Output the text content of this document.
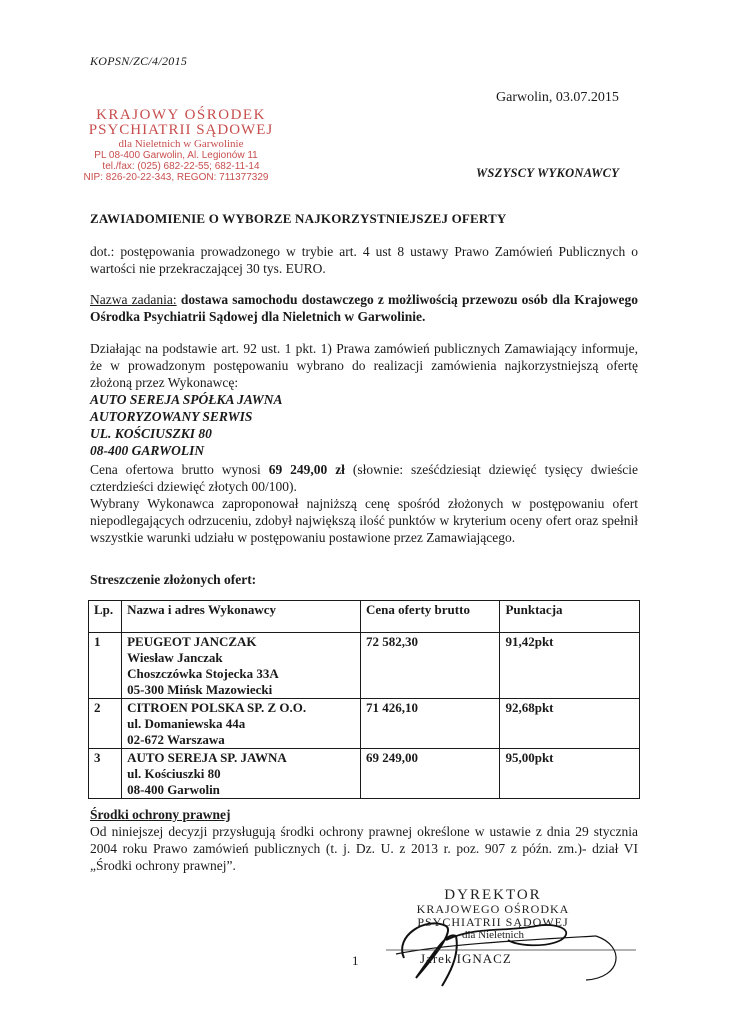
KOPSN/ZC/4/2015
Garwolin, 03.07.2015
KRAJOWY OŚRODEK
PSYCHIATRII SĄDOWEJ
dla Nieletnich w Garwolinie
PL 08-400 Garwolin, Al. Legionów 11
tel./fax: (025) 682-22-55; 682-11-14
NIP: 826-20-22-343, REGON: 711377329	WSZYSCY WYKONAWCY
ZAWIADOMIENIE O WYBORZE NAJKORZYSTNIEJSZEJ OFERTY
dot.: postępowania prowadzonego w trybie art. 4 ust 8 ustawy Prawo Zamówień Publicznych o wartości nie przekraczającej 30 tys. EURO.
Nazwa zadania: dostawa samochodu dostawczego z możliwością przewozu osób dla Krajowego Ośrodka Psychiatrii Sądowej dla Nieletnich w Garwolinie.
Działając na podstawie art. 92 ust. 1 pkt. 1) Prawa zamówień publicznych Zamawiający informuje, że w prowadzonym postępowaniu wybrano do realizacji zamówienia najkorzystniejszą ofertę złożoną przez Wykonawcę:
AUTO SEREJA SPÓŁKA JAWNA
AUTORYZOWANY SERWIS
UL. KOŚCIUSZKI 80
08-400 GARWOLIN
Cena ofertowa brutto wynosi 69 249,00 zł (słownie: sześćdziesiąt dziewięć tysięcy dwieście czterdzieści dziewięć złotych 00/100).
Wybrany Wykonawca zaproponował najniższą cenę spośród złożonych w postępowaniu ofert niepodlegających odrzuceniu, zdobył największą ilość punktów w kryterium oceny ofert oraz spełnił wszystkie warunki udziału w postępowaniu postawione przez Zamawiającego.
Streszczenie złożonych ofert:
Lp.	Nazwa i adres Wykonawcy	Cena oferty brutto	Punktacja
1	PEUGEOT JANCZAK
Wiesław Janczak
Choszczówka Stojecka 33A
05-300 Mińsk Mazowiecki	72 582,30	91,42pkt
2	CITROEN POLSKA SP. Z O.O.
ul. Domaniewska 44a
02-672 Warszawa	71 426,10	92,68pkt
3	AUTO SEREJA SP. JAWNA
ul. Kościuszki 80
08-400 Garwolin	69 249,00	95,00pkt
Środki ochrony prawnej
Od niniejszej decyzji przysługują środki ochrony prawnej określone w ustawie z dnia 29 stycznia 2004 roku Prawo zamówień publicznych (t. j. Dz. U. z 2013 r. poz. 907 z późn. zm.)- dział VI „Środki ochrony prawnej”.
DYREKTOR
KRAJOWEGO OŚRODKA
PSYCHIATRII SĄDOWEJ
dla Nieletnich
1	Jarek IGNACZ
